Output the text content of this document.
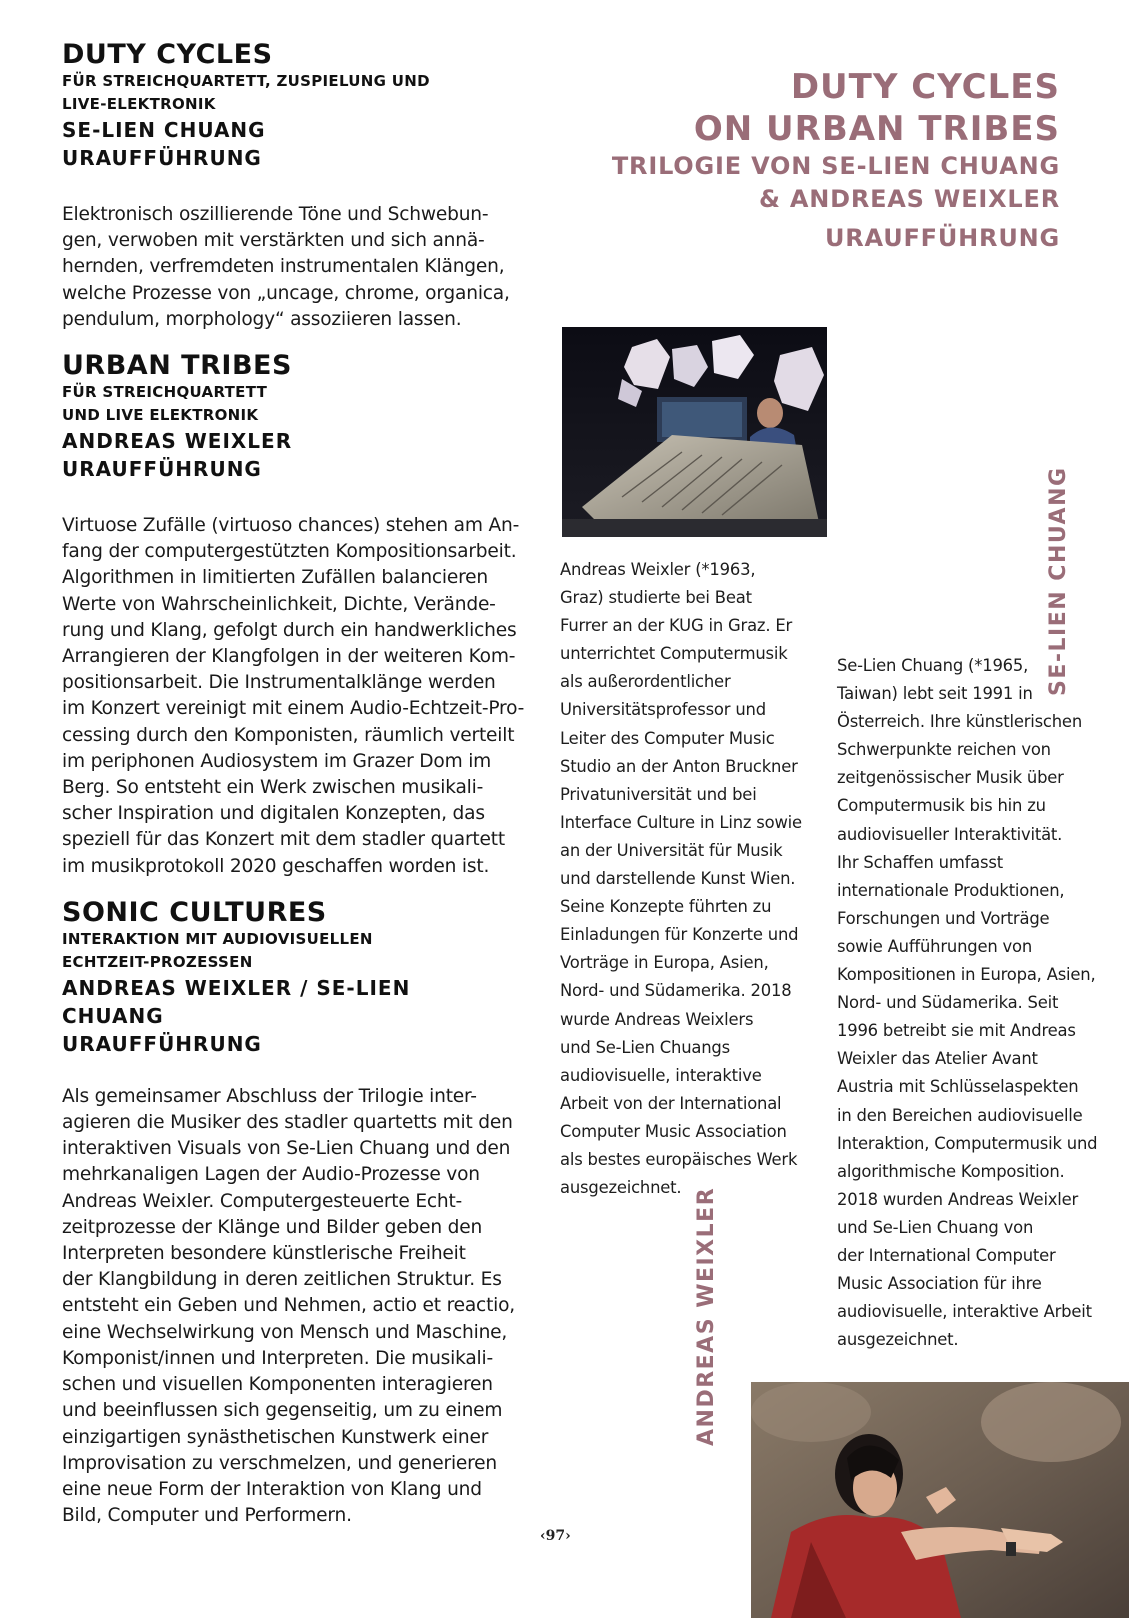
DUTY CYCLES
FÜR STREICHQUARTETT, ZUSPIELUNG UND
LIVE-ELEKTRONIK
SE-LIEN CHUANG
URAUFFÜHRUNG
Elektronisch oszillierende Töne und Schwebun-
gen, verwoben mit verstärkten und sich annä-
hernden, verfremdeten instrumentalen Klängen,
welche Prozesse von „uncage, chrome, organica,
pendulum, morphology“ assoziieren lassen.
URBAN TRIBES
FÜR STREICHQUARTETT
UND LIVE ELEKTRONIK
ANDREAS WEIXLER
URAUFFÜHRUNG
Virtuose Zufälle (virtuoso chances) stehen am An-
fang der computergestützten Kompositionsarbeit.
Algorithmen in limitierten Zufällen balancieren
Werte von Wahrscheinlichkeit, Dichte, Verände-
rung und Klang, gefolgt durch ein handwerkliches
Arrangieren der Klangfolgen in der weiteren Kom-
positionsarbeit. Die Instrumentalklänge werden
im Konzert vereinigt mit einem Audio-Echtzeit-Pro-
cessing durch den Komponisten, räumlich verteilt
im periphonen Audiosystem im Grazer Dom im
Berg. So entsteht ein Werk zwischen musikali-
scher Inspiration und digitalen Konzepten, das
speziell für das Konzert mit dem stadler quartett
im musikprotokoll 2020 geschaffen worden ist.
SONIC CULTURES
INTERAKTION MIT AUDIOVISUELLEN
ECHTZEIT-PROZESSEN
ANDREAS WEIXLER / SE-LIEN CHUANG
URAUFFÜHRUNG
Als gemeinsamer Abschluss der Trilogie inter-
agieren die Musiker des stadler quartetts mit den
interaktiven Visuals von Se-Lien Chuang und den
mehrkanaligen Lagen der Audio-Prozesse von
Andreas Weixler. Computergesteuerte Echt-
zeitprozesse der Klänge und Bilder geben den
Interpreten besondere künstlerische Freiheit
der Klangbildung in deren zeitlichen Struktur. Es
entsteht ein Geben und Nehmen, actio et reactio,
eine Wechselwirkung von Mensch und Maschine,
Komponist/innen und Interpreten. Die musikali-
schen und visuellen Komponenten interagieren
und beeinflussen sich gegenseitig, um zu einem
einzigartigen synästhetischen Kunstwerk einer
Improvisation zu verschmelzen, und generieren
eine neue Form der Interaktion von Klang und
Bild, Computer und Performern.
DUTY CYCLES
ON URBAN TRIBES
TRILOGIE VON SE-LIEN CHUANG
& ANDREAS WEIXLER
URAUFFÜHRUNG
Andreas Weixler (*1963,
Graz) studierte bei Beat
Furrer an der KUG in Graz. Er
unterrichtet Computermusik
als außerordentlicher
Universitätsprofessor und
Leiter des Computer Music
Studio an der Anton Bruckner
Privatuniversität und bei
Interface Culture in Linz sowie
an der Universität für Musik
und darstellende Kunst Wien.
Seine Konzepte führten zu
Einladungen für Konzerte und
Vorträge in Europa, Asien,
Nord- und Südamerika. 2018
wurde Andreas Weixlers
und Se-Lien Chuangs
audiovisuelle, interaktive
Arbeit von der International
Computer Music Association
als bestes europäisches Werk
ausgezeichnet. ANDREAS WEIXLER
SE-LIEN CHUANG
Se-Lien Chuang (*1965,
Taiwan) lebt seit 1991 in
Österreich. Ihre künstlerischen
Schwerpunkte reichen von
zeitgenössischer Musik über
Computermusik bis hin zu
audiovisueller Interaktivität.
Ihr Schaffen umfasst
internationale Produktionen,
Forschungen und Vorträge
sowie Aufführungen von
Kompositionen in Europa, Asien,
Nord- und Südamerika. Seit
1996 betreibt sie mit Andreas
Weixler das Atelier Avant
Austria mit Schlüsselaspekten
in den Bereichen audiovisuelle
Interaktion, Computermusik und
algorithmische Komposition.
2018 wurden Andreas Weixler
und Se-Lien Chuang von
der International Computer
Music Association für ihre
audiovisuelle, interaktive Arbeit
ausgezeichnet.
‹97›
